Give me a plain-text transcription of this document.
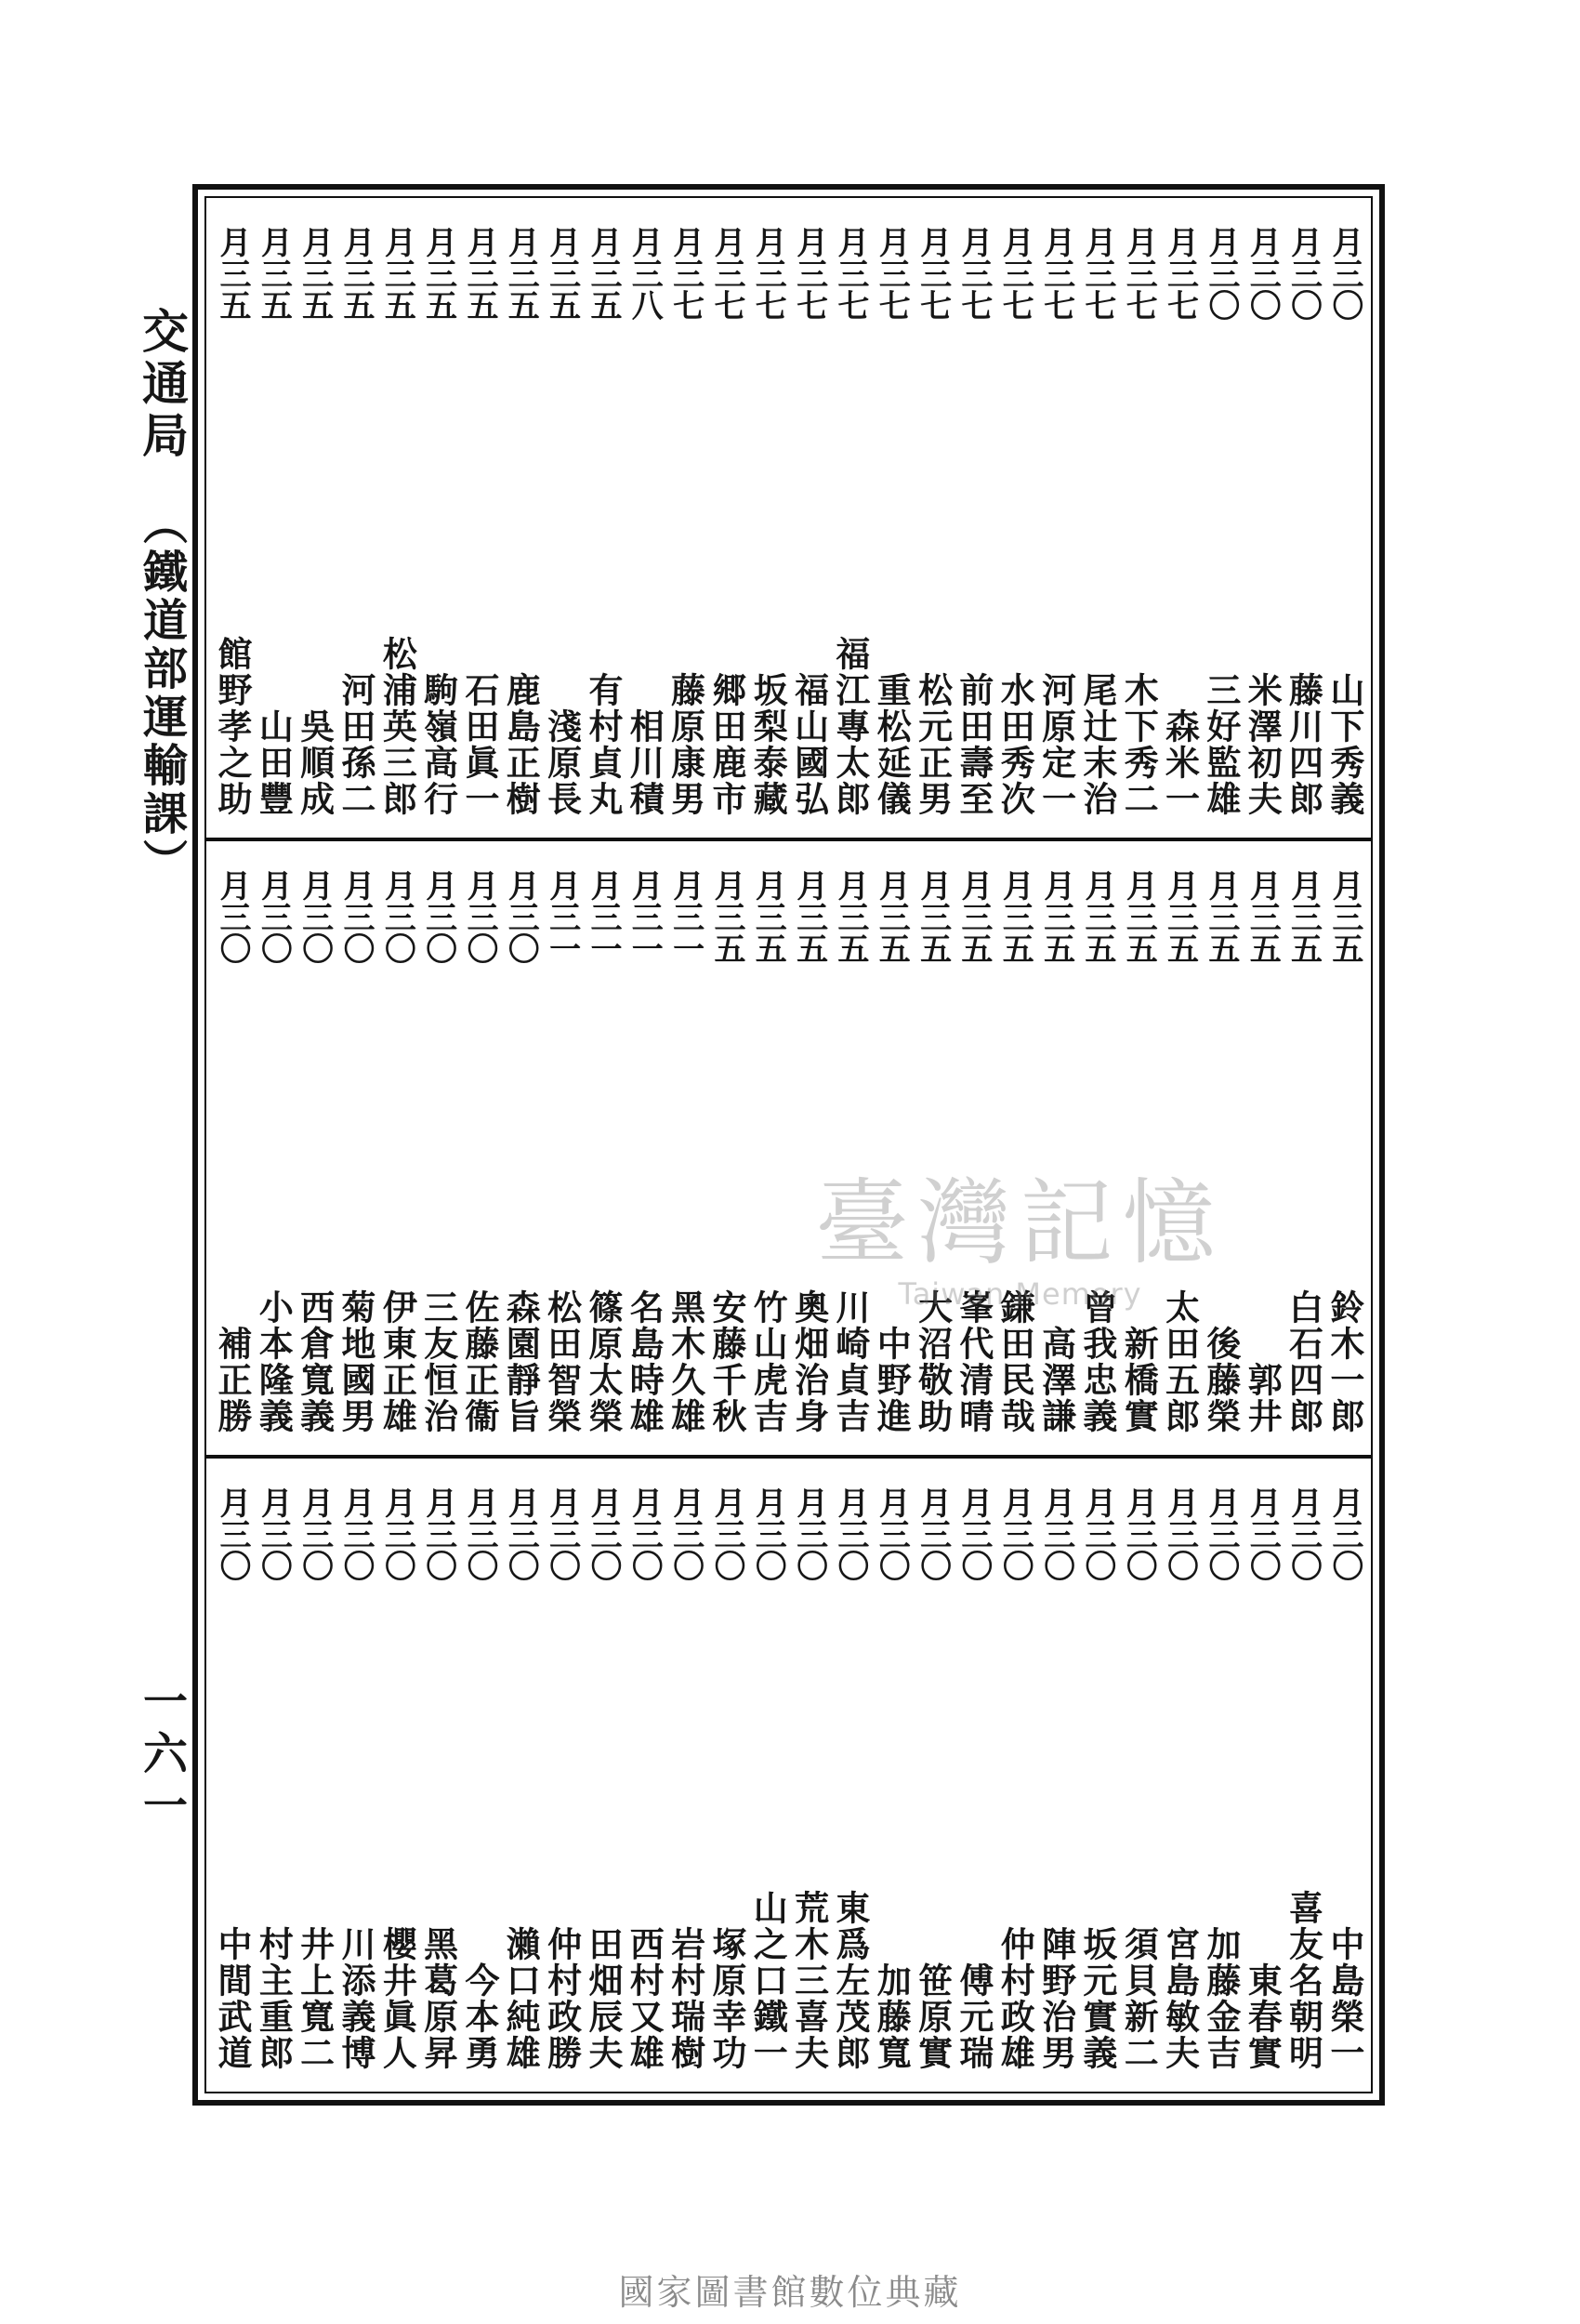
交通局
（鐵道部運輸課）
一六一
月三〇
山下秀義
月三〇
藤川四郎
月三〇
米澤初夫
月三〇
三好監雄
月三七
森米一
月三七
木下秀二
月三七
尾辻末治
月三七
河原定一
月三七
水田秀次
月三七
前田壽至
月三七
松元正男
月三七
重松延儀
月三七
福江專太郎
月三七
福山國弘
月三七
坂梨泰藏
月三七
郷田鹿市
月三七
藤原康男
月三八
相川積
月三五
有村貞丸
月三五
淺原長
月三五
鹿島正樹
月三五
石田眞一
月三五
駒嶺高行
月三五
松浦英三郎
月三五
河田孫二
月三五
吳順成
月三五
山田豐
月三五
館野孝之助
月三五
鈴木一郎
月三五
白石四郎
月三五
郭井
月三五
後藤榮
月三五
太田五郎
月三五
新橋實
月三五
曾我忠義
月三五
高澤謙
月三五
鎌田民哉
月三五
峯代清晴
月三五
大沼敬助
月三五
中野進
月三五
川崎貞吉
月三五
奧畑治身
月三五
竹山虎吉
月三五
安藤千秋
月三一
黑木久雄
月三一
名島時雄
月三一
篠原太榮
月三一
松田智榮
月三〇
森園靜旨
月三〇
佐藤正衞
月三〇
三友恒治
月三〇
伊東正雄
月三〇
菊地國男
月三〇
西倉寬義
月三〇
小本隆義
月三〇
補正勝
月三〇
中島榮一
月三〇
喜友名朝明
月三〇
東春實
月三〇
加藤金吉
月三〇
宮島敏夫
月三〇
須貝新二
月三〇
坂元實義
月三〇
陣野治男
月三〇
仲村政雄
月三〇
傅元瑞
月三〇
笹原實
月三〇
加藤寬
月三〇
東爲左茂郎
月三〇
荒木三喜夫
月三〇
山之口鐵一
月三〇
塚原幸功
月三〇
岩村瑞樹
月三〇
西村又雄
月三〇
田畑辰夫
月三〇
仲村政勝
月三〇
瀨口純雄
月三〇
今本勇
月三〇
黑葛原昇
月三〇
櫻井眞人
月三〇
川添義博
月三〇
井上寬二
月三〇
村主重郎
月三〇
中間武道
臺灣記憶
Taiwan Memory
國家圖書館數位典藏
